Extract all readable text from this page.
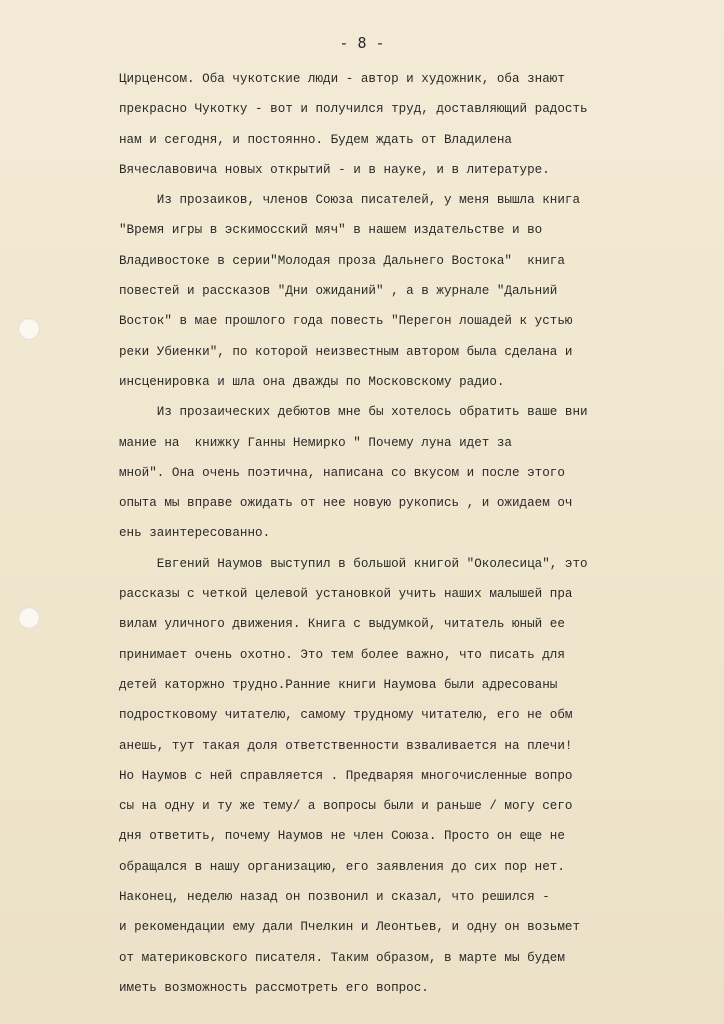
- 8 -
Цирценсом. Оба чукотские люди - автор и художник, оба знают
прекрасно Чукотку - вот и получился труд, доставляющий радость
нам и сегодня, и постоянно. Будем ждать от Владилена
Вячеславовича новых открытий - и в науке, и в литературе.
Из прозаиков, членов Союза писателей, у меня вышла книга
"Время игры в эскимосский мяч" в нашем издательстве и во
Владивостоке в серии"Молодая проза Дальнего Востока"  книга
повестей и рассказов "Дни ожиданий" , а в журнале "Дальний
Восток" в мае прошлого года повесть "Перегон лошадей к устью
реки Убиенки", по которой неизвестным автором была сделана и
инсценировка и шла она дважды по Московскому радио.
Из прозаических дебютов мне бы хотелось обратить ваше вни
мание на  книжку Ганны Немирко " Почему луна идет за
мной". Она очень поэтична, написана со вкусом и после этого
опыта мы вправе ожидать от нее новую рукопись , и ожидаем оч
ень заинтересованно.
Евгений Наумов выступил в большой книгой "Околесица", это
рассказы с четкой целевой установкой учить наших малышей пра
вилам уличного движения. Книга с выдумкой, читатель юный ее
принимает очень охотно. Это тем более важно, что писать для
детей каторжно трудно.Ранние книги Наумова были адресованы
подростковому читателю, самому трудному читателю, его не обм
анешь, тут такая доля ответственности взваливается на плечи!
Но Наумов с ней справляется . Предваряя многочисленные вопро
сы на одну и ту же тему/ а вопросы были и раньше / могу сего
дня ответить, почему Наумов не член Союза. Просто он еще не
обращался в нашу организацию, его заявления до сих пор нет.
Наконец, неделю назад он позвонил и сказал, что решился -
и рекомендации ему дали Пчелкин и Леонтьев, и одну он возьмет
от материковского писателя. Таким образом, в марте мы будем
иметь возможность рассмотреть его вопрос.
